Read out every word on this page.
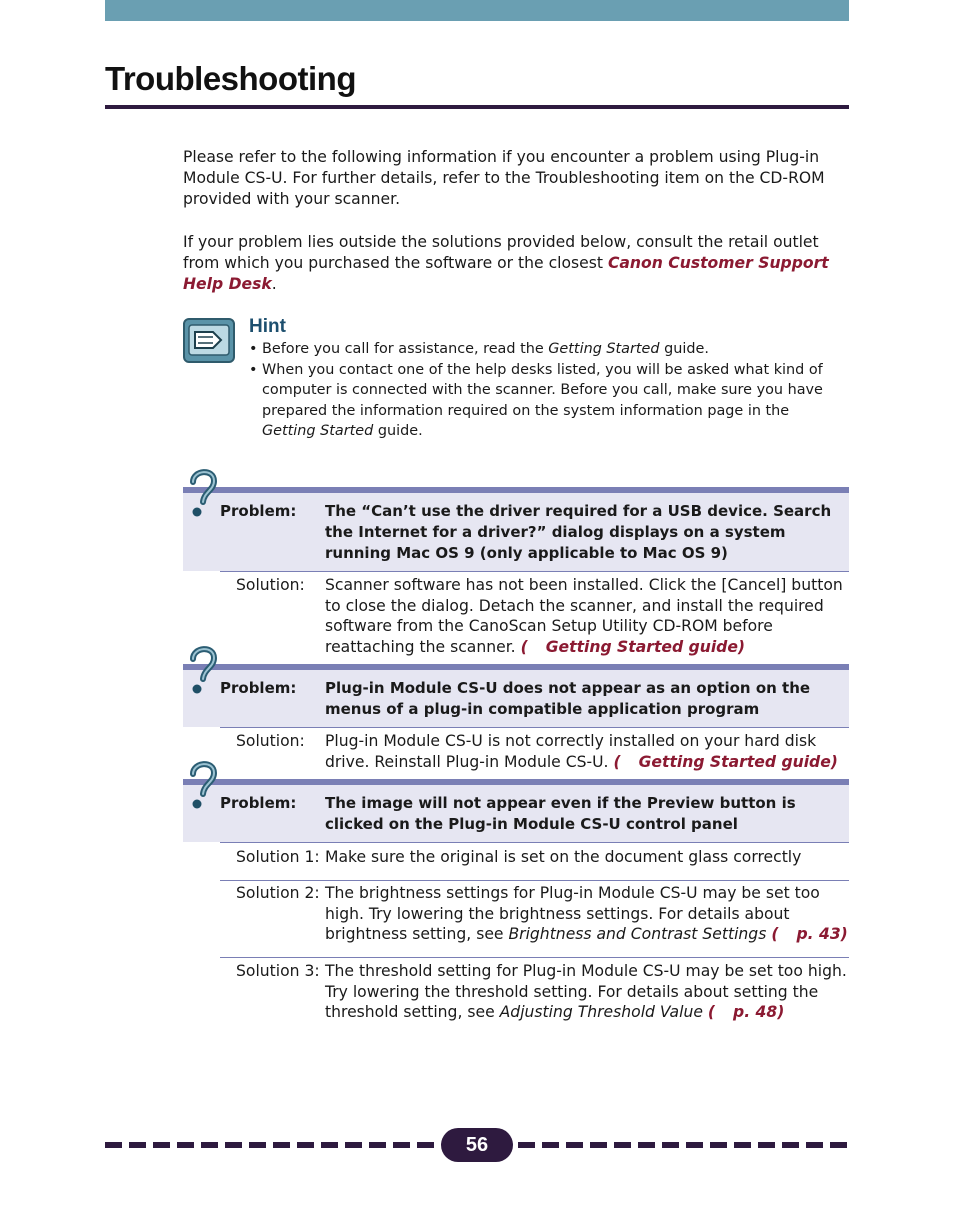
Troubleshooting

Please refer to the following information if you encounter a problem using Plug-in Module CS-U. For further details, refer to the Troubleshooting item on the CD-ROM provided with your scanner.

If your problem lies outside the solutions provided below, consult the retail outlet from which you purchased the software or the closest Canon Customer Support Help Desk.

Hint
• Before you call for assistance, read the Getting Started guide.
• When you contact one of the help desks listed, you will be asked what kind of computer is connected with the scanner. Before you call, make sure you have prepared the information required on the system information page in the Getting Started guide.
Problem: The “Can’t use the driver required for a USB device. Search the Internet for a driver?” dialog displays on a system running Mac OS 9 (only applicable to Mac OS 9)

Solution: Scanner software has not been installed. Click the [Cancel] button to close the dialog. Detach the scanner, and install the required software from the CanoScan Setup Utility CD-ROM before reattaching the scanner. ( Getting Started guide)

Problem: Plug-in Module CS-U does not appear as an option on the menus of a plug-in compatible application program

Solution: Plug-in Module CS-U is not correctly installed on your hard disk drive. Reinstall Plug-in Module CS-U. ( Getting Started guide)

Problem: The image will not appear even if the Preview button is clicked on the Plug-in Module CS-U control panel

Solution 1: Make sure the original is set on the document glass correctly

Solution 2: The brightness settings for Plug-in Module CS-U may be set too high. Try lowering the brightness settings. For details about brightness setting, see Brightness and Contrast Settings ( p. 43)

Solution 3: The threshold setting for Plug-in Module CS-U may be set too high. Try lowering the threshold setting. For details about setting the threshold setting, see Adjusting Threshold Value ( p. 48)

56
